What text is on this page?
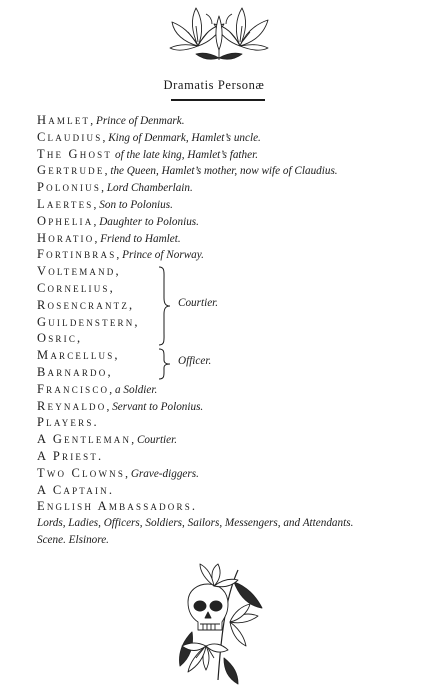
Dramatis Personæ
Hamlet, Prince of Denmark.
Claudius, King of Denmark, Hamlet’s uncle.
The Ghost of the late king, Hamlet’s father.
Gertrude, the Queen, Hamlet’s mother, now wife of Claudius.
Polonius, Lord Chamberlain.
Laertes, Son to Polonius.
Ophelia, Daughter to Polonius.
Horatio, Friend to Hamlet.
Fortinbras, Prince of Norway.
Voltemand,
Cornelius,
Rosencrantz,
Guildenstern,
Osric,
Marcellus,
Barnardo,
Francisco, a Soldier.
Reynaldo, Servant to Polonius.
Players.
A Gentleman, Courtier.
A Priest.
Two Clowns, Grave-diggers.
A Captain.
English Ambassadors.
Courtier.
Officer.
Lords, Ladies, Officers, Soldiers, Sailors, Messengers, and Attendants.
Scene. Elsinore.
